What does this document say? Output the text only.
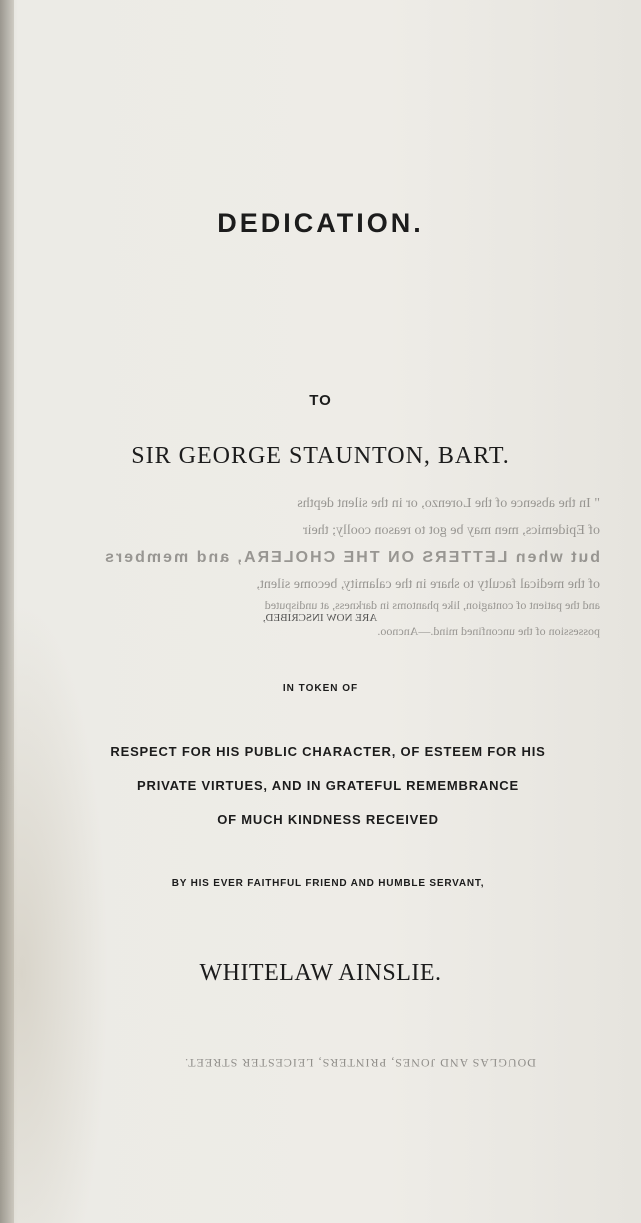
DEDICATION.
TO
SIR GEORGE STAUNTON, BART.
" In the absence of the Lorenzo, or in the silent depths
of Epidemics, men may be got to reason coolly; their
but when LETTERS ON THE CHOLERA, and members
of the medical faculty to share in the calamity, become silent,
and the patient of contagion, like phantoms in darkness, at undisputed
ARE NOW INSCRIBED,
possession of the unconfined mind.—Ancnoo.
IN TOKEN OF
RESPECT FOR HIS PUBLIC CHARACTER, OF ESTEEM FOR HIS
PRIVATE VIRTUES, AND IN GRATEFUL REMEMBRANCE
OF MUCH KINDNESS RECEIVED
BY HIS EVER FAITHFUL FRIEND AND HUMBLE SERVANT,
WHITELAW AINSLIE.
DOUGLAS AND JONES, PRINTERS, LEICESTER STREET.
